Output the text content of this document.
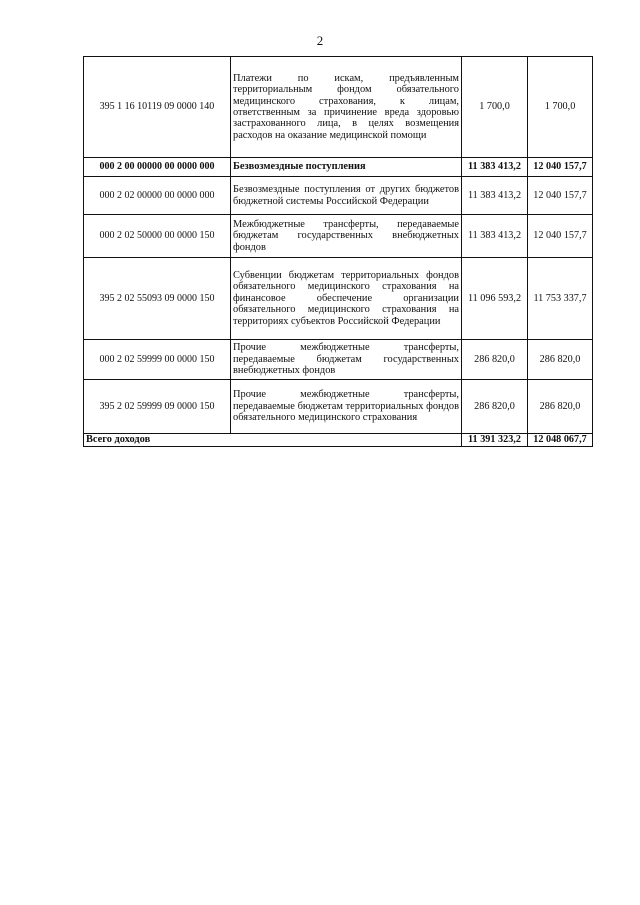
2
395 1 16 10119 09 0000 140	Платежи по искам, предъявленным территориальным фондом обязательного медицинского страхования, к лицам, ответственным за причинение вреда здоровью застрахованного лица, в целях возмещения расходов на оказание медицинской помощи	1 700,0	1 700,0
000 2 00 00000 00 0000 000	Безвозмездные поступления	11 383 413,2	12 040 157,7
000 2 02 00000 00 0000 000	Безвозмездные поступления от других бюджетов бюджетной системы Российской Федерации	11 383 413,2	12 040 157,7
000 2 02 50000 00 0000 150	Межбюджетные трансферты, передаваемые бюджетам государственных внебюджетных фондов	11 383 413,2	12 040 157,7
395 2 02 55093 09 0000 150	Субвенции бюджетам территориальных фондов обязательного медицинского страхования на финансовое обеспечение организации обязательного медицинского страхования на территориях субъектов Российской Федерации	11 096 593,2	11 753 337,7
000 2 02 59999 00 0000 150	Прочие межбюджетные трансферты, передаваемые бюджетам государственных внебюджетных фондов	286 820,0	286 820,0
395 2 02 59999 09 0000 150	Прочие межбюджетные трансферты, передаваемые бюджетам территориальных фондов обязательного медицинского страхования	286 820,0	286 820,0
Всего доходов		11 391 323,2	12 048 067,7
